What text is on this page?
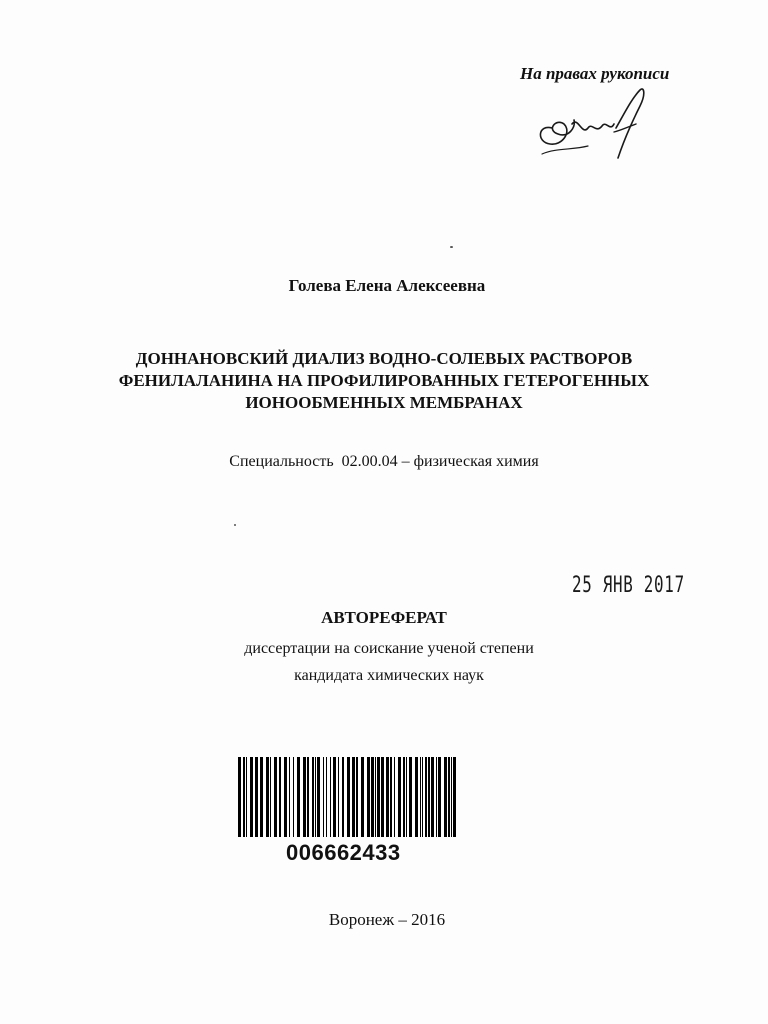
На правах рукописи
Голева Елена Алексеевна
ДОННАНОВСКИЙ ДИАЛИЗ ВОДНО-СОЛЕВЫХ РАСТВОРОВ
ФЕНИЛАЛАНИНА НА ПРОФИЛИРОВАННЫХ ГЕТЕРОГЕННЫХ
ИОНООБМЕННЫХ МЕМБРАНАХ
Специальность  02.00.04 – физическая химия
25 ЯНВ 2017
АВТОРЕФЕРАТ
диссертации на соискание ученой степени
кандидата химических наук
006662433
Воронеж – 2016
